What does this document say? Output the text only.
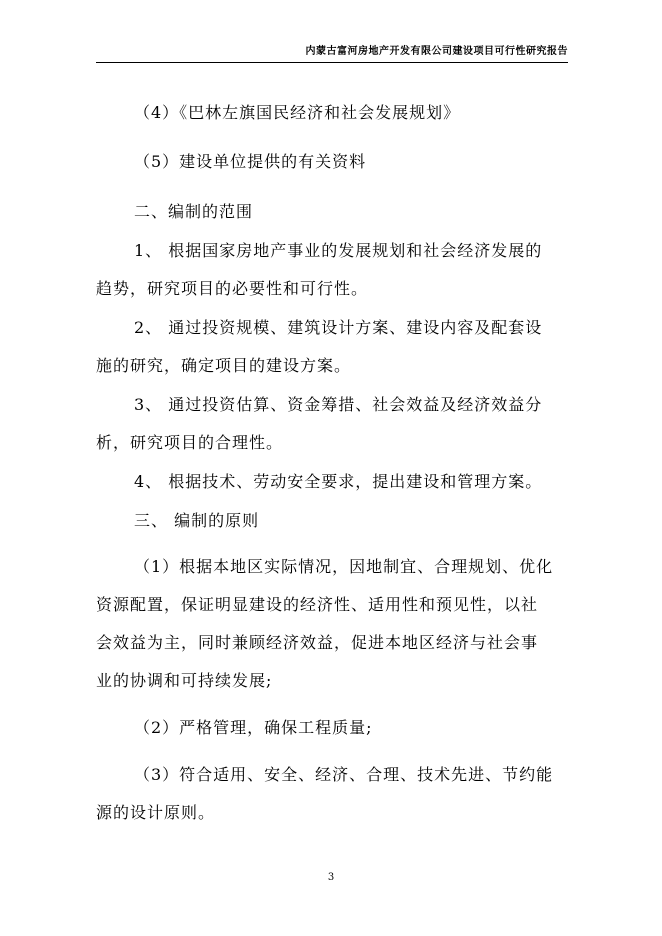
内蒙古富河房地产开发有限公司建设项目可行性研究报告
（4）《巴林左旗国民经济和社会发展规划》
（5）建设单位提供的有关资料
二、编制的范围
1、 根据国家房地产事业的发展规划和社会经济发展的
趋势，研究项目的必要性和可行性。
2、 通过投资规模、建筑设计方案、建设内容及配套设
施的研究，确定项目的建设方案。
3、 通过投资估算、资金筹措、社会效益及经济效益分
析，研究项目的合理性。
4、 根据技术、劳动安全要求，提出建设和管理方案。
三、 编制的原则
（1）根据本地区实际情况，因地制宜、合理规划、优化
资源配置，保证明显建设的经济性、适用性和预见性，以社
会效益为主，同时兼顾经济效益，促进本地区经济与社会事
业的协调和可持续发展;
（2）严格管理，确保工程质量;
（3）符合适用、安全、经济、合理、技术先进、节约能
源的设计原则。
3
